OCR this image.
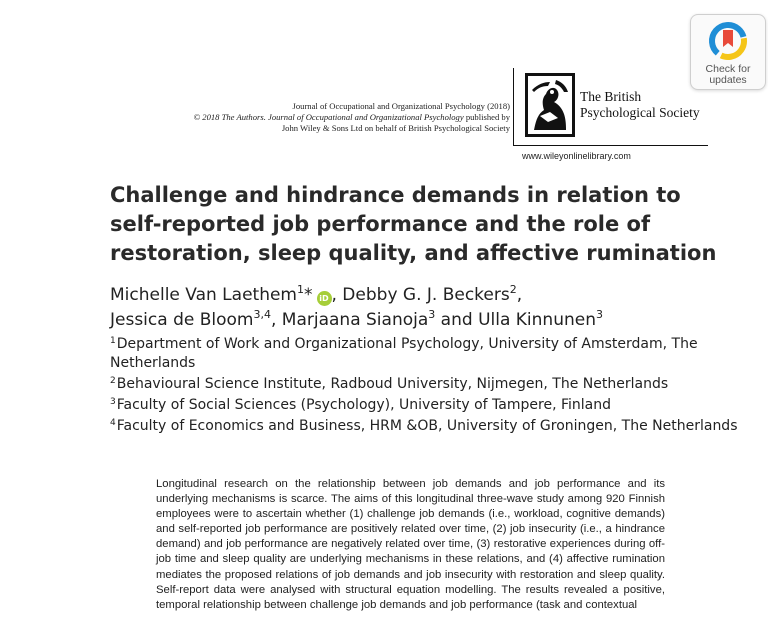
Check for
updates
Journal of Occupational and Organizational Psychology (2018)
© 2018 The Authors. Journal of Occupational and Organizational Psychology published by
John Wiley & Sons Ltd on behalf of British Psychological Society
The British
Psychological Society
www.wileyonlinelibrary.com
Challenge and hindrance demands in relation to
self-reported job performance and the role of
restoration, sleep quality, and affective rumination
Michelle Van Laethem$^1$* iD , Debby G. J. Beckers$^2$,
Jessica de Bloom$^{3,4}$, Marjaana Sianoja$^3$ and Ulla Kinnunen$^3$
$^1$Department of Work and Organizational Psychology, University of Amsterdam, The Netherlands
$^2$Behavioural Science Institute, Radboud University, Nijmegen, The Netherlands
$^3$Faculty of Social Sciences (Psychology), University of Tampere, Finland
$^4$Faculty of Economics and Business, HRM &OB, University of Groningen, The Netherlands
Longitudinal research on the relationship between job demands and job performance and its underlying mechanisms is scarce. The aims of this longitudinal three-wave study among 920 Finnish employees were to ascertain whether (1) challenge job demands (i.e., workload, cognitive demands) and self-reported job performance are positively related over time, (2) job insecurity (i.e., a hindrance demand) and job performance are negatively related over time, (3) restorative experiences during off-job time and sleep quality are underlying mechanisms in these relations, and (4) affective rumination mediates the proposed relations of job demands and job insecurity with restoration and sleep quality. Self-report data were analysed with structural equation modelling. The results revealed a positive, temporal relationship between challenge job demands and job performance (task and contextual
